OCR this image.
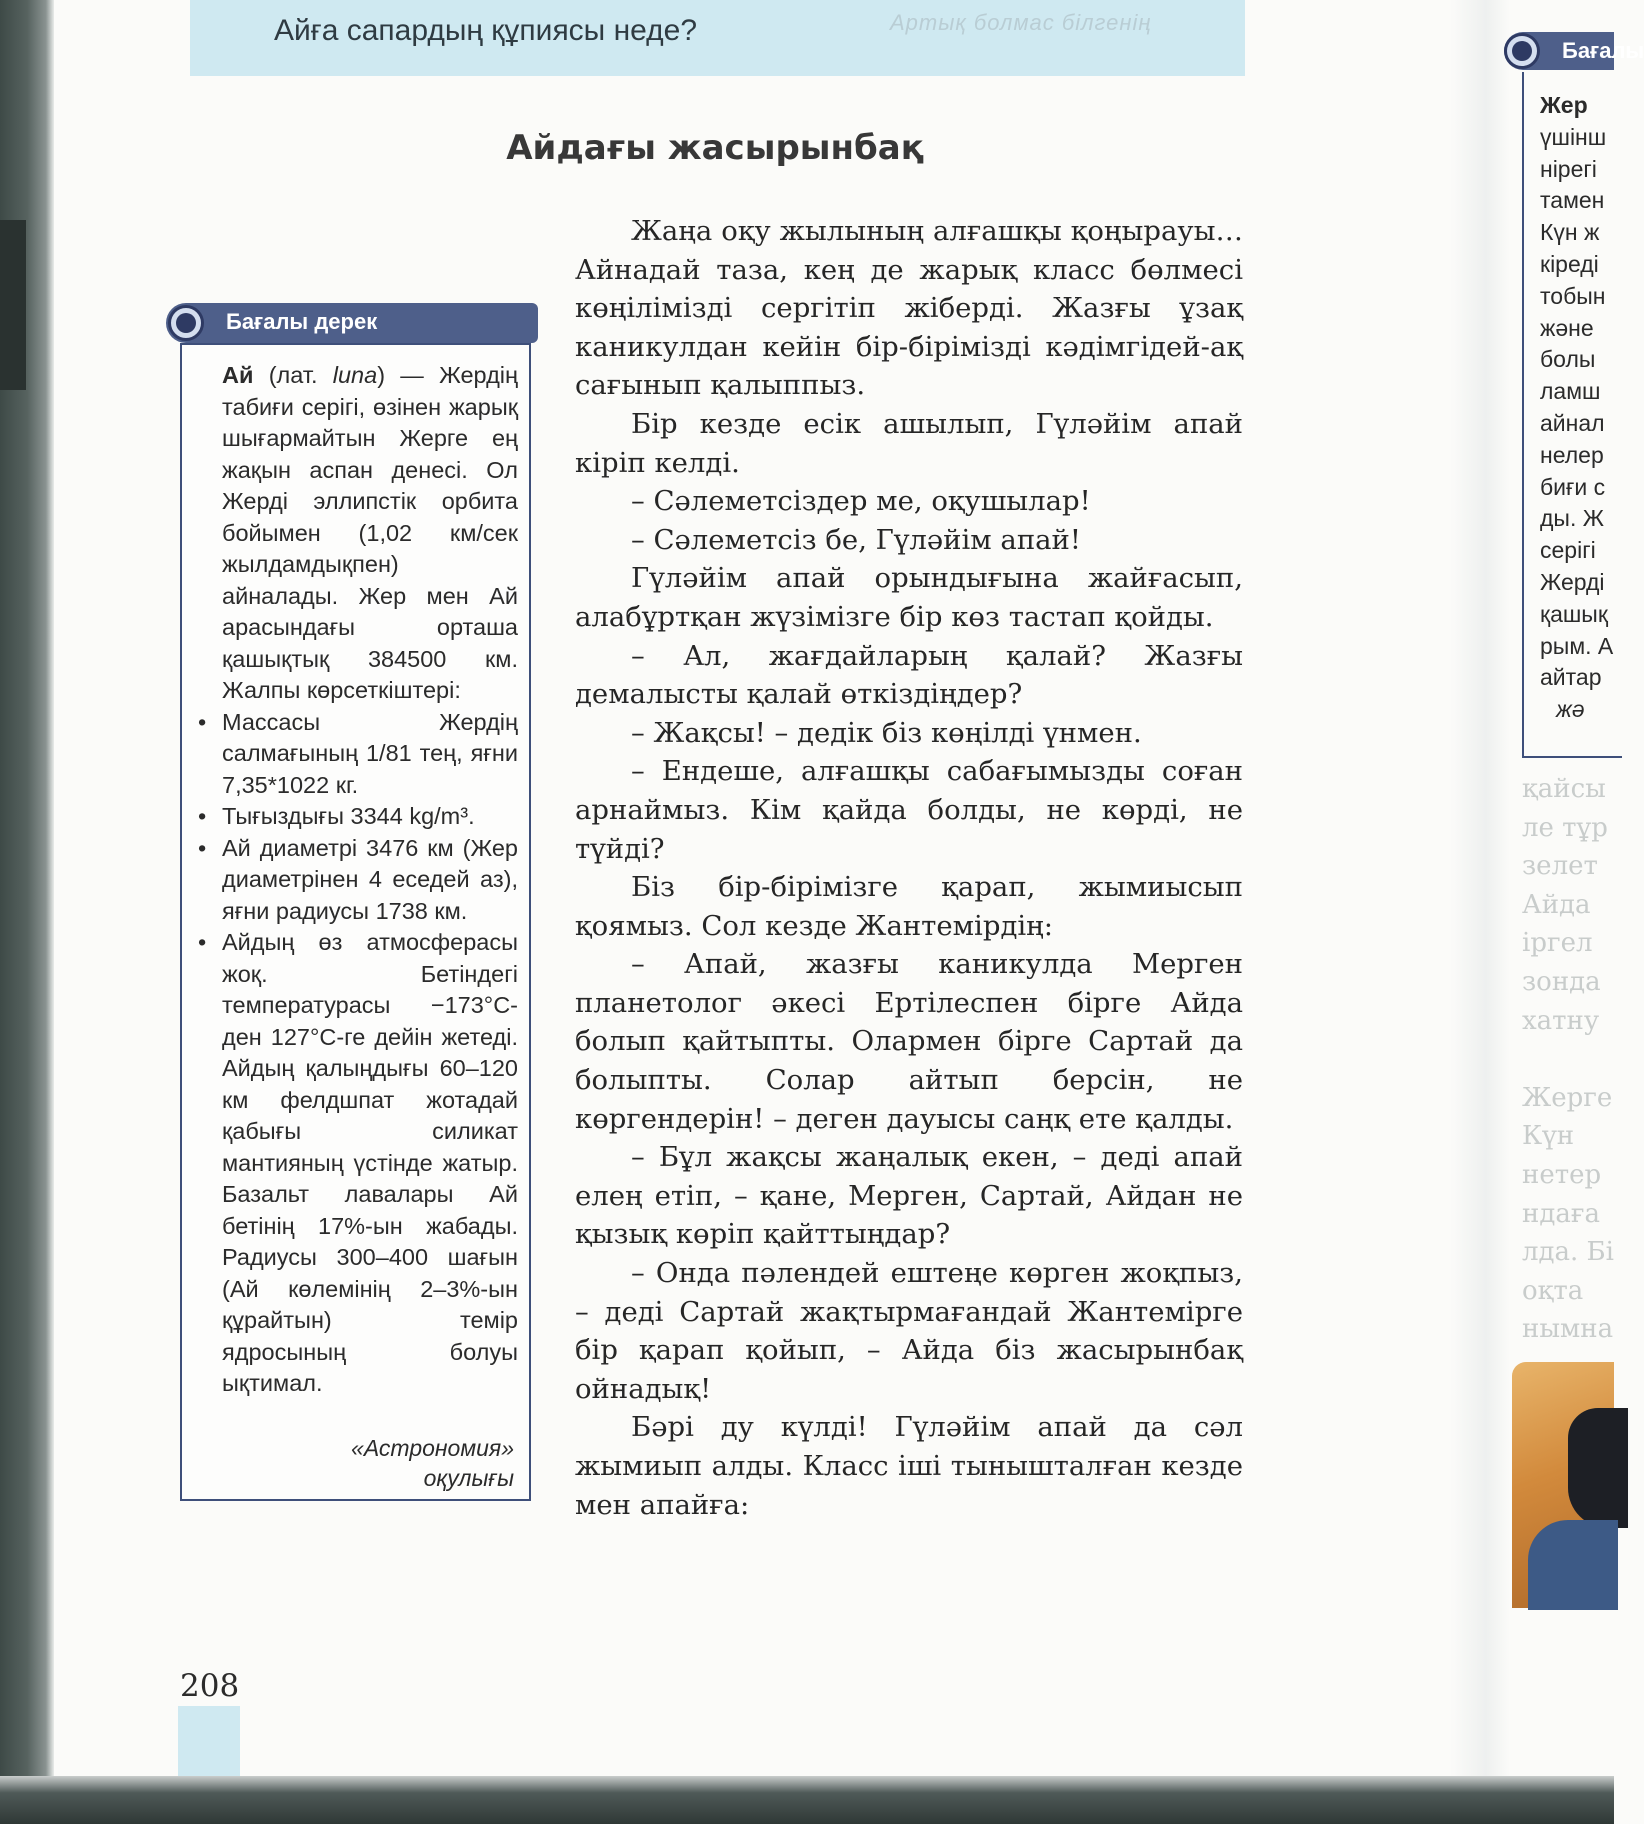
Артық болмас білгенің
Айға сапардың құпиясы неде?
Айдағы жасырынбақ
Бағалы дерек

Ай (лат. luna) — Жердің табиғи серігі, өзінен жарық шығармайтын Жерге ең жақын аспан денесі. Ол Жерді эллипстік орбита бойымен (1,02 км/сек жылдамдықпен) айналады. Жер мен Ай арасындағы орташа қашықтық 384500 км. Жалпы көрсеткіштері:

• Массасы Жердің салмағының 1/81 тең, яғни 7,35*1022 кг.
• Тығыздығы 3344 kg/m³.
• Ай диаметрі 3476 км (Жер диаметрінен 4 еседей аз), яғни радиусы 1738 км.
• Айдың өз атмосферасы жоқ. Бетіндегі температурасы −173°C-ден 127°C-ге дейін жетеді. Айдың қалыңдығы 60–120 км фелдшпат жотадай қабығы силикат мантияның үстінде жатыр. Базальт лавалары Ай бетінің 17%-ын жабады. Радиусы 300–400 шағын (Ай көлемінің 2–3%-ын құрайтын) темір ядросының болуы ықтимал.
«Астрономия»
оқулығы

Жаңа оқу жылының алғашқы қоңырауы… Айнадай таза, кең де жарық класс бөлмесі көңілімізді сергітіп жіберді. Жазғы ұзақ каникулдан кейін бір-бірімізді кәдімгідей-ақ сағынып қалыппыз.

Бір кезде есік ашылып, Гүләйім апай кіріп келді.

– Сәлеметсіздер ме, оқушылар!

– Сәлеметсіз бе, Гүләйім апай!

Гүләйім апай орындығына жайғасып, алабұртқан жүзімізге бір көз тастап қойды.

– Ал, жағдайларың қалай? Жазғы демалысты қалай өткіздіңдер?

– Жақсы! – дедік біз көңілді үнмен.

– Ендеше, алғашқы сабағымызды соған арнаймыз. Кім қайда болды, не көрді, не түйді?

Біз бір-бірімізге қарап, жымиысып қоямыз. Сол кезде Жантемірдің:

– Апай, жазғы каникулда Мерген планетолог әкесі Ертілеспен бірге Айда болып қайтыпты. Олармен бірге Сартай да болыпты. Солар айтып берсін, не көргендерін! – деген дауысы саңқ ете қалды.

– Бұл жақсы жаңалық екен, – деді апай елең етіп, – қане, Мерген, Сартай, Айдан не қызық көріп қайттыңдар?

– Онда пәлендей ештеңе көрген жоқпыз, – деді Сартай жақтырмағандай Жантемірге бір қарап қойып, – Айда біз жасырынбақ ойнадық!

Бәрі ду күлді! Гүләйім апай да сәл жымиып алды. Класс іші тынышталған кезде мен апайға:

208
Бағалы
Жер
үшінш
нірегі
тамен
Күн ж
кіреді
тобын
және
болы
ламш
айнал
нелер
биғи с
ды. Ж
серігі
Жерді
қашық
рым. А
айтар
жә
қайсы
ле тұр
зелет
Айда
іргел
зонда
хатну
Жерге
Күн
нетер
ндаға
лда. Бі
оқта
нымна
